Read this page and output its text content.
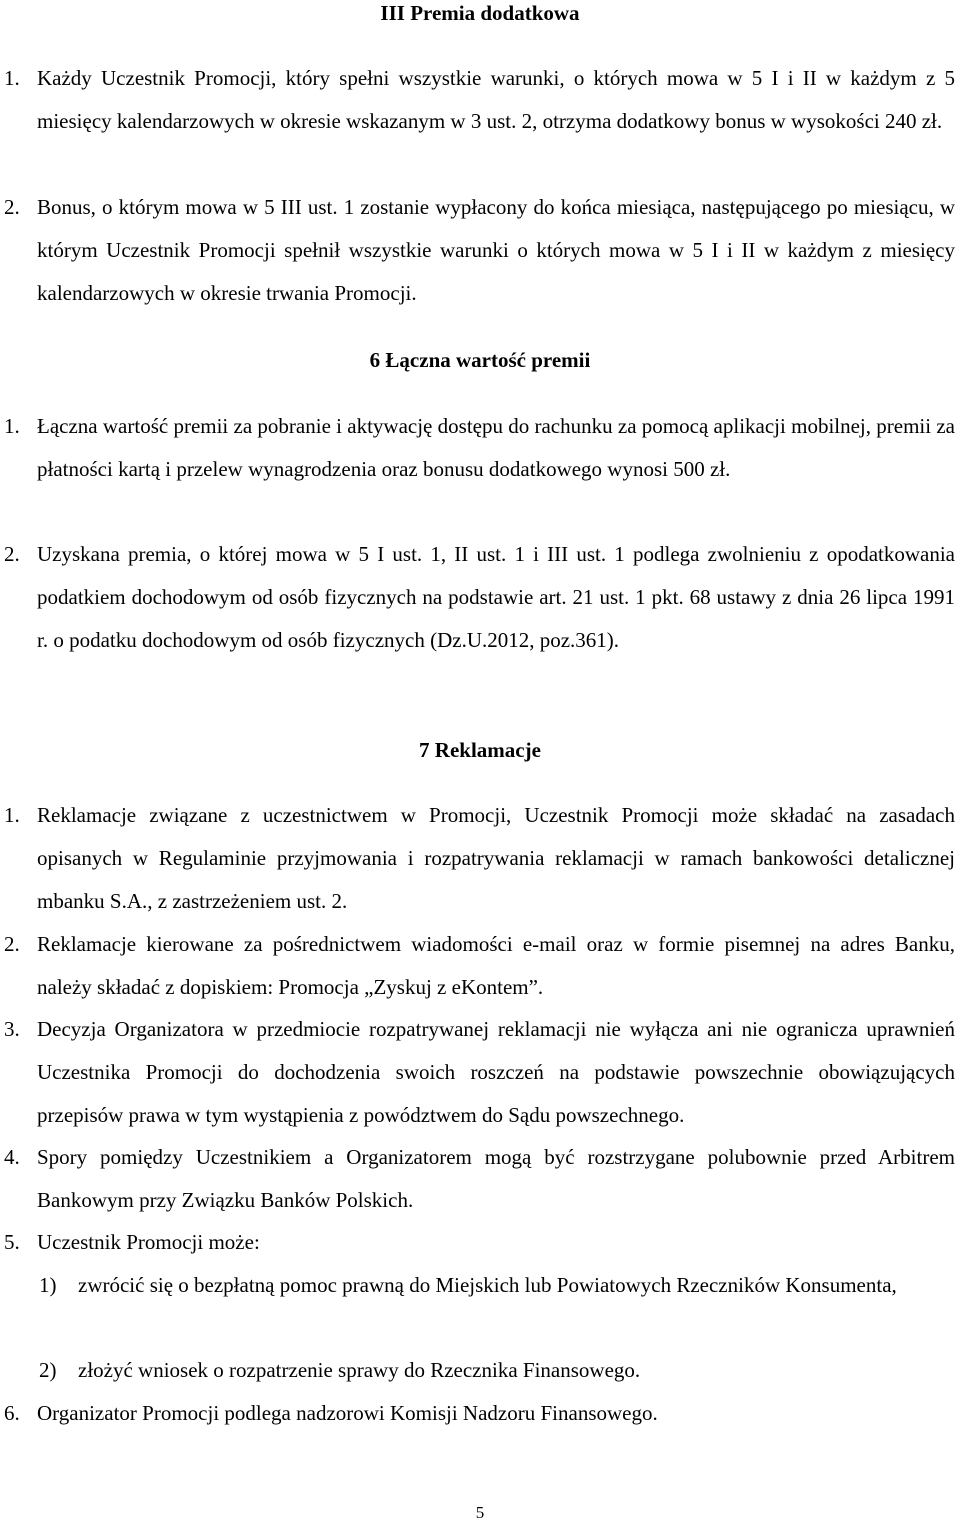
III Premia dodatkowa
1. Każdy Uczestnik Promocji, który spełni wszystkie warunki, o których mowa w 5 I i II w każdym z 5 miesięcy kalendarzowych w okresie wskazanym w 3 ust. 2, otrzyma dodatkowy bonus w wysokości 240 zł.

2. Bonus, o którym mowa w 5 III ust. 1 zostanie wypłacony do końca miesiąca, następującego po miesiącu, w którym Uczestnik Promocji spełnił wszystkie warunki o których mowa w 5 I i II w każdym z miesięcy kalendarzowych w okresie trwania Promocji.

6 Łączna wartość premii
1. Łączna wartość premii za pobranie i aktywację dostępu do rachunku za pomocą aplikacji mobilnej, premii za płatności kartą i przelew wynagrodzenia oraz bonusu dodatkowego wynosi 500 zł.

2. Uzyskana premia, o której mowa w 5 I ust. 1, II ust. 1 i III ust. 1 podlega zwolnieniu z opodatkowania podatkiem dochodowym od osób fizycznych na podstawie art. 21 ust. 1 pkt. 68 ustawy z dnia 26 lipca 1991 r. o podatku dochodowym od osób fizycznych (Dz.U.2012, poz.361).

7 Reklamacje
1. Reklamacje związane z uczestnictwem w Promocji, Uczestnik Promocji może składać na zasadach opisanych w Regulaminie przyjmowania i rozpatrywania reklamacji w ramach bankowości detalicznej mbanku S.A., z zastrzeżeniem ust. 2.

2. Reklamacje kierowane za pośrednictwem wiadomości e-mail oraz w formie pisemnej na adres Banku, należy składać z dopiskiem: Promocja „Zyskuj z eKontem”.

3. Decyzja Organizatora w przedmiocie rozpatrywanej reklamacji nie wyłącza ani nie ogranicza uprawnień Uczestnika Promocji do dochodzenia swoich roszczeń na podstawie powszechnie obowiązujących przepisów prawa w tym wystąpienia z powództwem do Sądu powszechnego.

4. Spory pomiędzy Uczestnikiem a Organizatorem mogą być rozstrzygane polubownie przed Arbitrem Bankowym przy Związku Banków Polskich.

5. Uczestnik Promocji może:

1) zwrócić się o bezpłatną pomoc prawną do Miejskich lub Powiatowych Rzeczników Konsumenta,

2) złożyć wniosek o rozpatrzenie sprawy do Rzecznika Finansowego.

6. Organizator Promocji podlega nadzorowi Komisji Nadzoru Finansowego.

5
